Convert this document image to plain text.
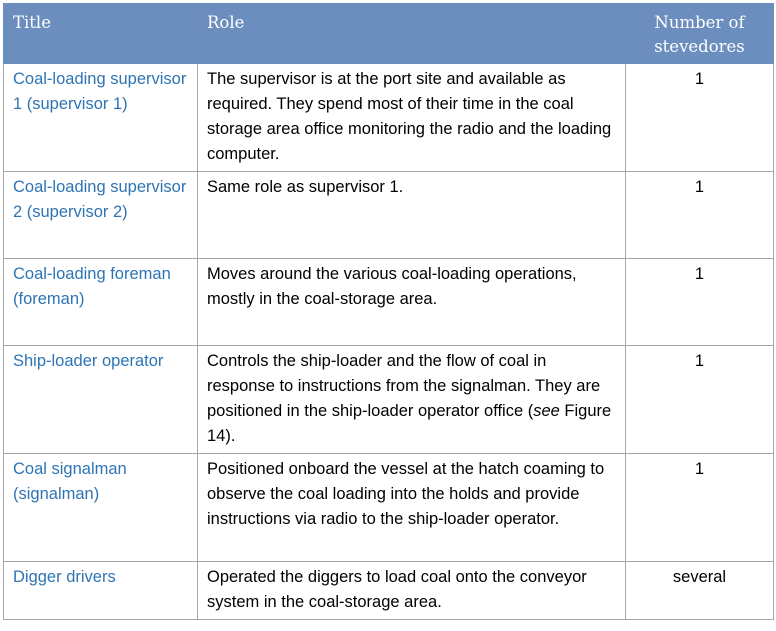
Title	Role	Number of stevedores
Coal-loading supervisor 1 (supervisor 1)	The supervisor is at the port site and available as required. They spend most of their time in the coal storage area office monitoring the radio and the loading computer.	1
Coal-loading supervisor 2 (supervisor 2)	Same role as supervisor 1.	1
Coal-loading foreman (foreman)	Moves around the various coal-loading operations, mostly in the coal-storage area.	1
Ship-loader operator	Controls the ship-loader and the flow of coal in response to instructions from the signalman. They are positioned in the ship-loader operator office (see Figure 14).	1
Coal signalman (signalman)	Positioned onboard the vessel at the hatch coaming to observe the coal loading into the holds and provide instructions via radio to the ship-loader operator.	1
Digger drivers	Operated the diggers to load coal onto the conveyor system in the coal-storage area.	several
